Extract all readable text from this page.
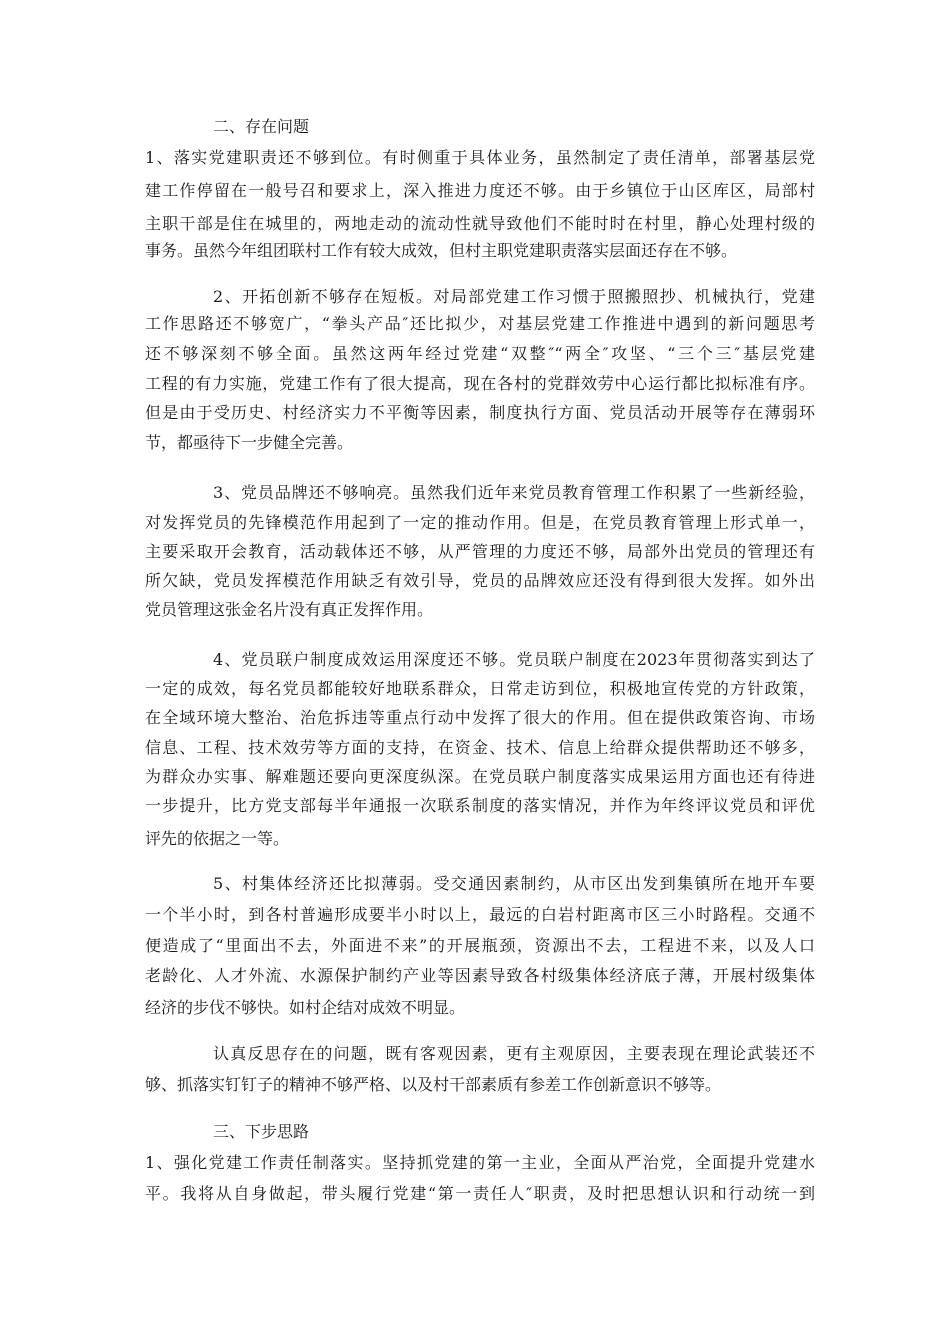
二、存在问题
1、落实党建职责还不够到位。有时侧重于具体业务，虽然制定了责任清单，部署基层党
建工作停留在一般号召和要求上，深入推进力度还不够。由于乡镇位于山区库区，局部村
主职干部是住在城里的，两地走动的流动性就导致他们不能时时在村里，静心处理村级的
事务。虽然今年组团联村工作有较大成效，但村主职党建职责落实层面还存在不够。
2、开拓创新不够存在短板。对局部党建工作习惯于照搬照抄、机械执行，党建
工作思路还不够宽广，“拳头产品″还比拟少，对基层党建工作推进中遇到的新问题思考
还不够深刻不够全面。虽然这两年经过党建“双整″“两全″攻坚、“三个三″基层党建
工程的有力实施，党建工作有了很大提高，现在各村的党群效劳中心运行都比拟标准有序。
但是由于受历史、村经济实力不平衡等因素，制度执行方面、党员活动开展等存在薄弱环
节，都亟待下一步健全完善。
3、党员品牌还不够响亮。虽然我们近年来党员教育管理工作积累了一些新经验，
对发挥党员的先锋模范作用起到了一定的推动作用。但是，在党员教育管理上形式单一，
主要采取开会教育，活动载体还不够，从严管理的力度还不够，局部外出党员的管理还有
所欠缺，党员发挥模范作用缺乏有效引导，党员的品牌效应还没有得到很大发挥。如外出
党员管理这张金名片没有真正发挥作用。
4、党员联户制度成效运用深度还不够。党员联户制度在2023年贯彻落实到达了
一定的成效，每名党员都能较好地联系群众，日常走访到位，积极地宣传党的方针政策，
在全域环境大整治、治危拆违等重点行动中发挥了很大的作用。但在提供政策咨询、市场
信息、工程、技术效劳等方面的支持，在资金、技术、信息上给群众提供帮助还不够多，
为群众办实事、解难题还要向更深度纵深。在党员联户制度落实成果运用方面也还有待进
一步提升，比方党支部每半年通报一次联系制度的落实情况，并作为年终评议党员和评优
评先的依据之一等。
5、村集体经济还比拟薄弱。受交通因素制约，从市区出发到集镇所在地开车要
一个半小时，到各村普遍形成要半小时以上，最远的白岩村距离市区三小时路程。交通不
便造成了“里面出不去，外面进不来”的开展瓶颈，资源出不去，工程进不来，以及人口
老龄化、人才外流、水源保护制约产业等因素导致各村级集体经济底子薄，开展村级集体
经济的步伐不够快。如村企结对成效不明显。
认真反思存在的问题，既有客观因素，更有主观原因，主要表现在理论武装还不
够、抓落实钉钉子的精神不够严格、以及村干部素质有参差工作创新意识不够等。
三、下步思路
1、强化党建工作责任制落实。坚持抓党建的第一主业，全面从严治党，全面提升党建水
平。我将从自身做起，带头履行党建“第一责任人″职责，及时把思想认识和行动统一到
